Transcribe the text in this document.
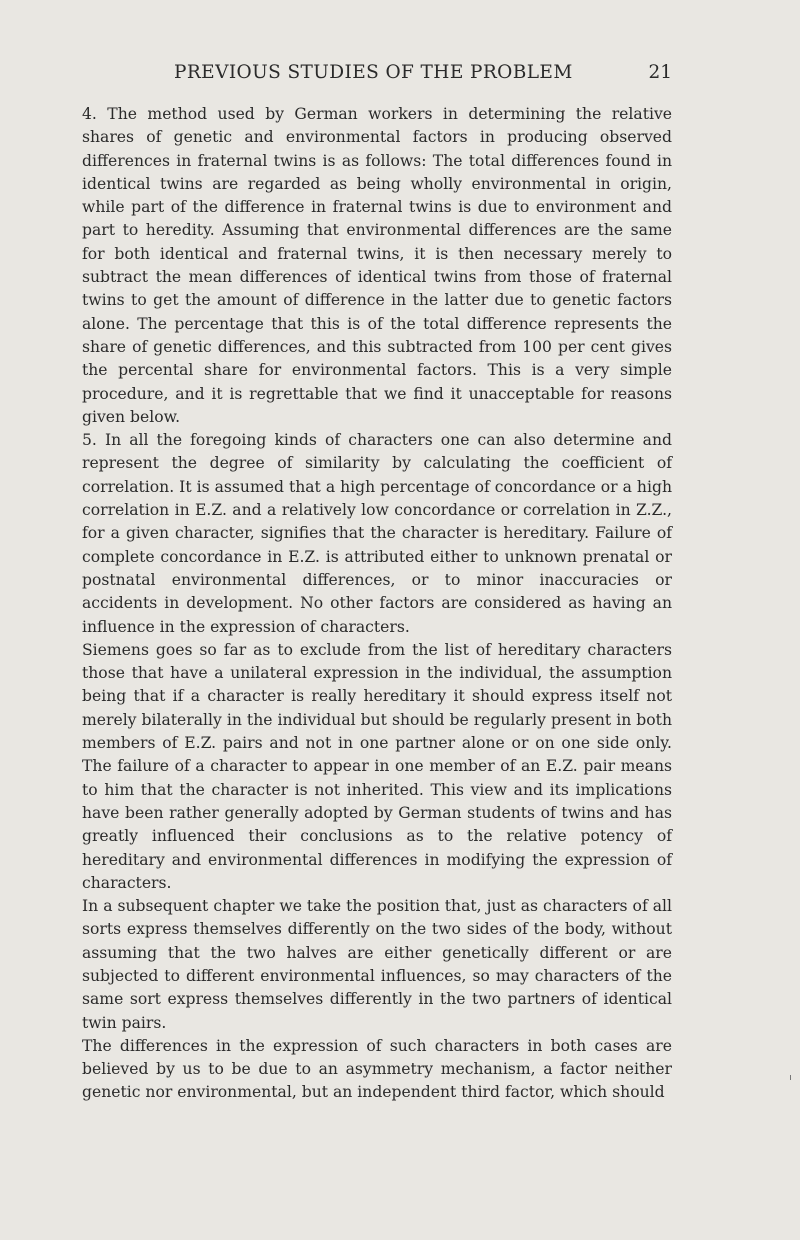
PREVIOUS STUDIES OF THE PROBLEM	21

4. The method used by German workers in determining the relative shares of genetic and environmental factors in producing observed differences in fraternal twins is as follows: The total differences found in identical twins are regarded as being wholly environmental in origin, while part of the difference in fraternal twins is due to environment and part to heredity. Assuming that environmental differences are the same for both identical and fraternal twins, it is then necessary merely to subtract the mean differences of identical twins from those of fraternal twins to get the amount of difference in the latter due to genetic factors alone. The percentage that this is of the total difference represents the share of genetic differences, and this subtracted from 100 per cent gives the percental share for environmental factors. This is a very simple procedure, and it is regrettable that we find it unacceptable for reasons given below.

5. In all the foregoing kinds of characters one can also determine and represent the degree of similarity by calculating the coefficient of correlation. It is assumed that a high percentage of concordance or a high correlation in E.Z. and a relatively low concordance or correlation in Z.Z., for a given character, signifies that the character is hereditary. Failure of complete concordance in E.Z. is attributed either to unknown prenatal or postnatal environmental differences, or to minor inaccuracies or accidents in development. No other factors are considered as having an influence in the expression of characters.

Siemens goes so far as to exclude from the list of hereditary characters those that have a unilateral expression in the individual, the assumption being that if a character is really hereditary it should express itself not merely bilaterally in the individual but should be regularly present in both members of E.Z. pairs and not in one partner alone or on one side only. The failure of a character to appear in one member of an E.Z. pair means to him that the character is not inherited. This view and its implications have been rather generally adopted by German students of twins and has greatly influenced their conclusions as to the relative potency of hereditary and environmental differences in modifying the expression of characters.

In a subsequent chapter we take the position that, just as characters of all sorts express themselves differently on the two sides of the body, without assuming that the two halves are either genetically different or are subjected to different environmental influences, so may characters of the same sort express themselves differently in the two partners of identical twin pairs.

The differences in the expression of such characters in both cases are believed by us to be due to an asymmetry mechanism, a factor neither genetic nor environmental, but an independent third factor, which should
